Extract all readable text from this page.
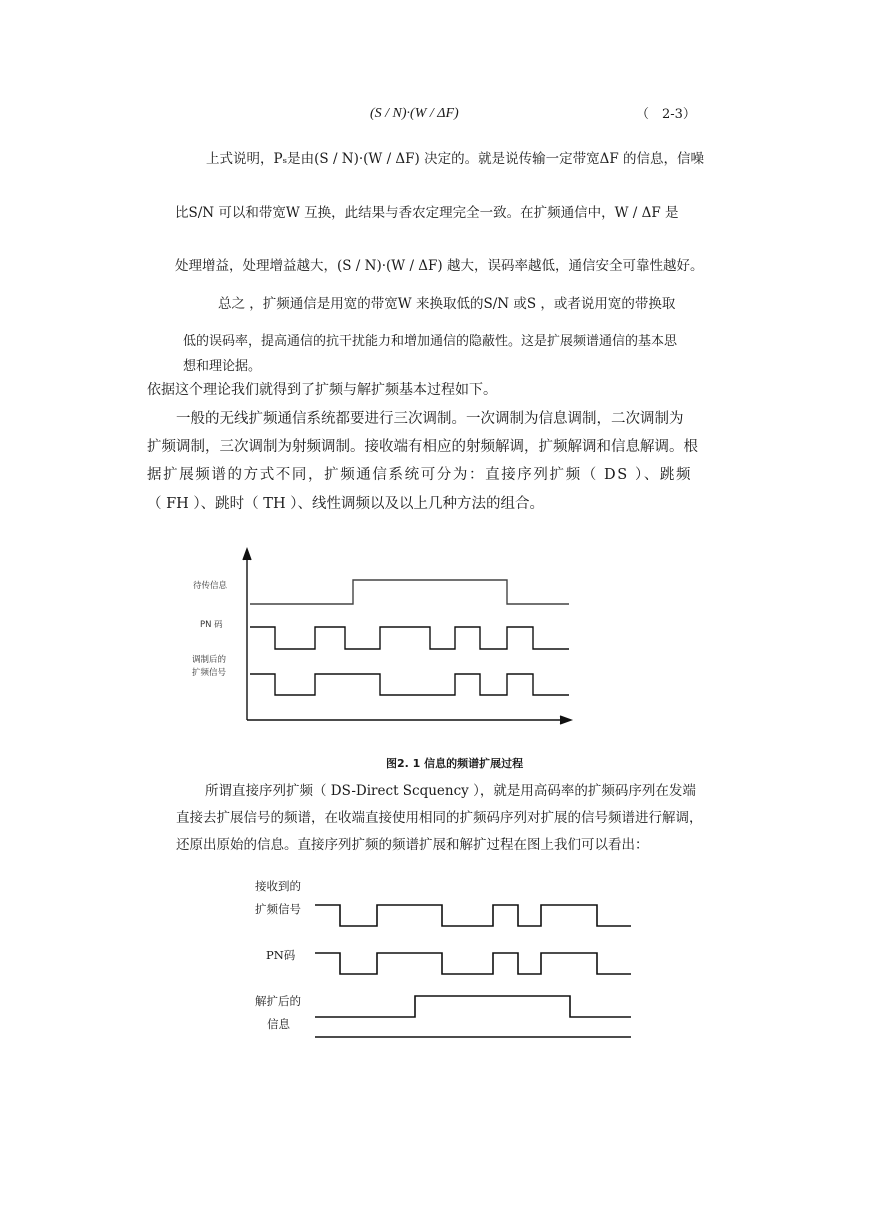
(S / N)·(W / ΔF)	（　2-3）
上式说明，Pₛ是由(S / N)·(W / ΔF) 决定的。就是说传输一定带宽ΔF 的信息，信噪
比S/N 可以和带宽W 互换，此结果与香农定理完全一致。在扩频通信中，W / ΔF 是
处理增益，处理增益越大，(S / N)·(W / ΔF) 越大，误码率越低，通信安全可靠性越好。
总之 ，扩频通信是用宽的带宽W 来换取低的S/N 或S ，或者说用宽的带换取
低的误码率，提高通信的抗干扰能力和增加通信的隐蔽性。这是扩展频谱通信的基本思
想和理论据。
依据这个理论我们就得到了扩频与解扩频基本过程如下。
一般的无线扩频通信系统都要进行三次调制。一次调制为信息调制，二次调制为
扩频调制，三次调制为射频调制。接收端有相应的射频解调，扩频解调和信息解调。根
据扩展频谱的方式不同，扩频通信系统可分为：直接序列扩频（ DS ）、跳频
（ FH ）、跳时（ TH ）、线性调频以及以上几种方法的组合。
待传信息
PN 码
调制后的
扩频信号
图2. 1 信息的频谱扩展过程
所谓直接序列扩频（ DS-Direct Scquency ），就是用高码率的扩频码序列在发端
直接去扩展信号的频谱，在收端直接使用相同的扩频码序列对扩展的信号频谱进行解调，
还原出原始的信息。直接序列扩频的频谱扩展和解扩过程在图上我们可以看出：
接收到的
扩频信号
PN码
解扩后的
信息
